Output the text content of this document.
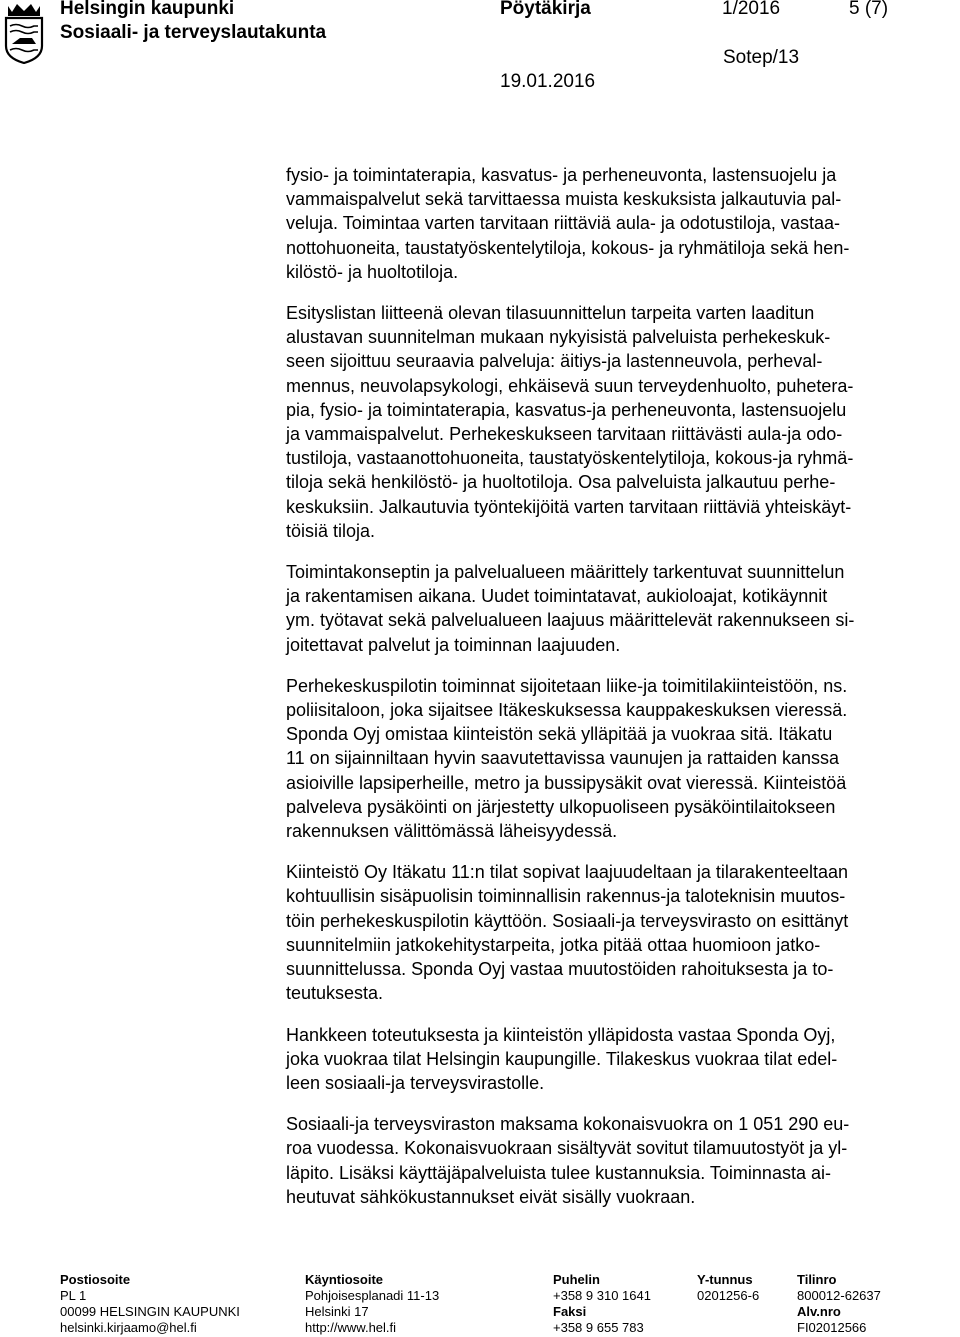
Helsingin kaupunki
Sosiaali- ja terveyslautakunta
Pöytäkirja	1/2016	5 (7)
Sotep/13
19.01.2016

fysio- ja toimintaterapia, kasvatus- ja perheneuvonta, lastensuojelu ja
vammaispalvelut sekä tarvittaessa muista keskuksista jalkautuvia pal-
veluja. Toimintaa varten tarvitaan riittäviä aula- ja odotustiloja, vastaa-
nottohuoneita, taustatyöskentelytiloja, kokous- ja ryhmätiloja sekä hen-
kilöstö- ja huoltotiloja.

Esityslistan liitteenä olevan tilasuunnittelun tarpeita varten laaditun
alustavan suunnitelman mukaan nykyisistä palveluista perhekeskuk-
seen sijoittuu seuraavia palveluja: äitiys-ja lastenneuvola, perheval-
mennus, neuvolapsykologi, ehkäisevä suun terveydenhuolto, puhetera-
pia, fysio- ja toimintaterapia, kasvatus-ja perheneuvonta, lastensuojelu
ja vammaispalvelut. Perhekeskukseen tarvitaan riittävästi aula-ja odo-
tustiloja, vastaanottohuoneita, taustatyöskentelytiloja, kokous-ja ryhmä-
tiloja sekä henkilöstö- ja huoltotiloja. Osa palveluista jalkautuu perhe-
keskuksiin. Jalkautuvia työntekijöitä varten tarvitaan riittäviä yhteiskäyt-
töisiä tiloja.

Toimintakonseptin ja palvelualueen määrittely tarkentuvat suunnittelun
ja rakentamisen aikana. Uudet toimintatavat, aukioloajat, kotikäynnit
ym. työtavat sekä palvelualueen laajuus määrittelevät rakennukseen si-
joitettavat palvelut ja toiminnan laajuuden.

Perhekeskuspilotin toiminnat sijoitetaan liike-ja toimitilakiinteistöön, ns.
poliisitaloon, joka sijaitsee Itäkeskuksessa kauppakeskuksen vieressä.
Sponda Oyj omistaa kiinteistön sekä ylläpitää ja vuokraa sitä. Itäkatu
11 on sijainniltaan hyvin saavutettavissa vaunujen ja rattaiden kanssa
asioiville lapsiperheille, metro ja bussipysäkit ovat vieressä. Kiinteistöä
palveleva pysäköinti on järjestetty ulkopuoliseen pysäköintilaitokseen
rakennuksen välittömässä läheisyydessä.

Kiinteistö Oy Itäkatu 11:n tilat sopivat laajuudeltaan ja tilarakenteeltaan
kohtuullisin sisäpuolisin toiminnallisin rakennus-ja taloteknisin muutos-
töin perhekeskuspilotin käyttöön. Sosiaali-ja terveysvirasto on esittänyt
suunnitelmiin jatkokehitystarpeita, jotka pitää ottaa huomioon jatko-
suunnittelussa. Sponda Oyj vastaa muutostöiden rahoituksesta ja to-
teutuksesta.

Hankkeen toteutuksesta ja kiinteistön ylläpidosta vastaa Sponda Oyj,
joka vuokraa tilat Helsingin kaupungille. Tilakeskus vuokraa tilat edel-
leen sosiaali-ja terveysvirastolle.

Sosiaali-ja terveysviraston maksama kokonaisvuokra on 1 051 290 eu-
roa vuodessa. Kokonaisvuokraan sisältyvät sovitut tilamuutostyöt ja yl-
läpito. Lisäksi käyttäjäpalveluista tulee kustannuksia. Toiminnasta ai-
heutuvat sähkökustannukset eivät sisälly vuokraan.

Postiosoite
PL 1
00099 HELSINGIN KAUPUNKI
helsinki.kirjaamo@hel.fi
Käyntiosoite
Pohjoisesplanadi 11-13
Helsinki 17
http://www.hel.fi
Puhelin
+358 9 310 1641
Faksi
+358 9 655 783
Y-tunnus
0201256-6
Tilinro
800012-62637
Alv.nro
FI02012566
